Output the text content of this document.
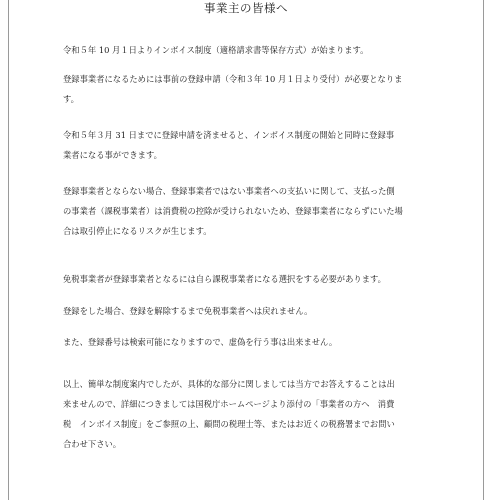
事業主の皆様へ

令和５年 10 月１日よりインボイス制度（適格請求書等保存方式）が始まります。

登録事業者になるためには事前の登録申請（令和３年 10 月１日より受付）が必要となりま
す。

令和５年３月 31 日までに登録申請を済ませると、インボイス制度の開始と同時に登録事
業者になる事ができます。

登録事業者とならない場合、登録事業者ではない事業者への支払いに関して、支払った側
の事業者（課税事業者）は消費税の控除が受けられないため、登録事業者にならずにいた場
合は取引停止になるリスクが生じます。

免税事業者が登録事業者となるには自ら課税事業者になる選択をする必要があります。

登録をした場合、登録を解除するまで免税事業者へは戻れません。

また、登録番号は検索可能になりますので、虚偽を行う事は出来ません。

以上、簡単な制度案内でしたが、具体的な部分に関しましては当方でお答えすることは出
来ませんので、詳細につきましては国税庁ホームページより添付の「事業者の方へ　消費
税　インボイス制度」をご参照の上、顧問の税理士等、またはお近くの税務署までお問い
合わせ下さい。
